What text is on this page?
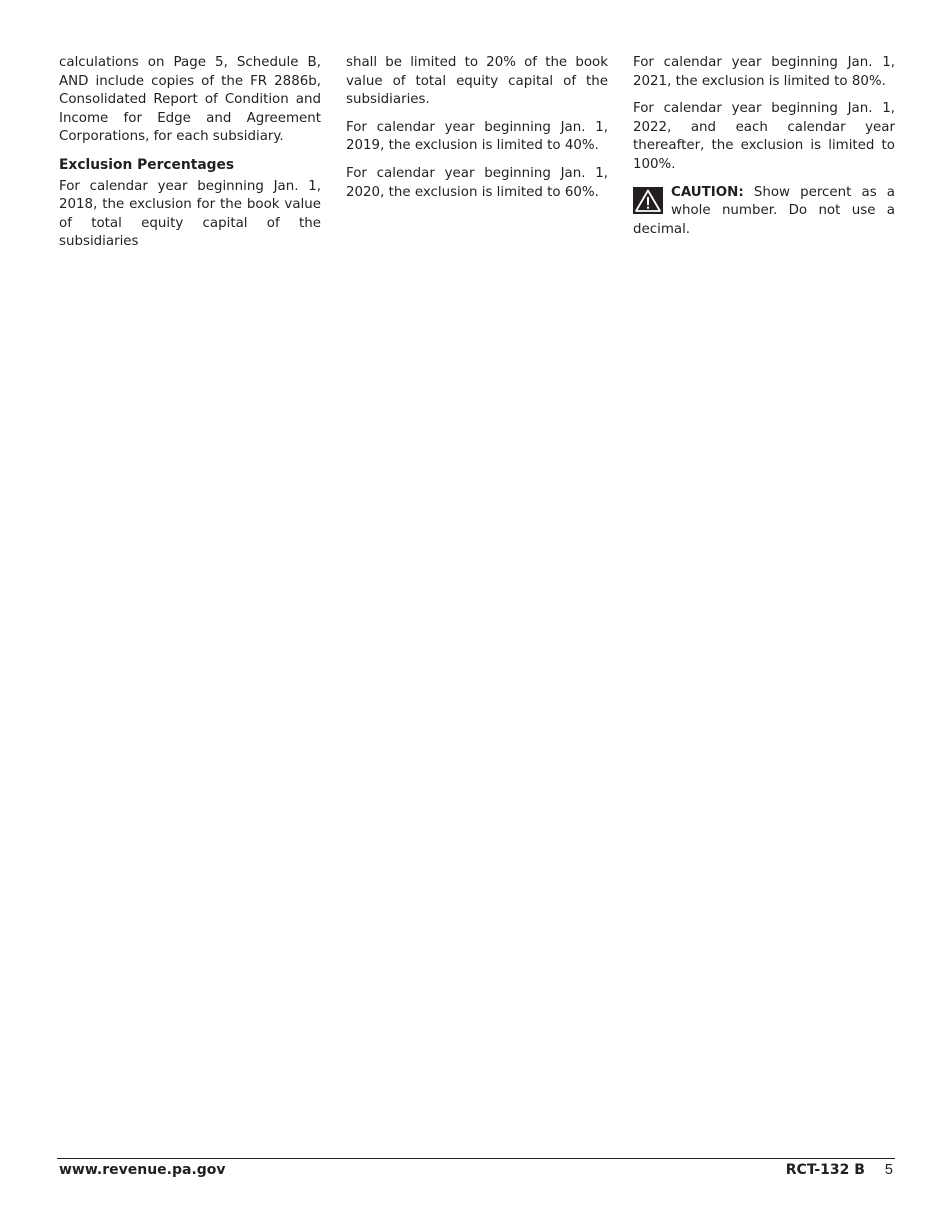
calculations on Page 5, Schedule B, AND include copies of the FR 2886b, Consolidated Report of Condition and Income for Edge and Agreement Corporations, for each subsidiary.

Exclusion Percentages

For calendar year beginning Jan. 1, 2018, the exclusion for the book value of total equity capital of the subsidiaries

shall be limited to 20% of the book value of total equity capital of the subsidiaries.

For calendar year beginning Jan. 1, 2019, the exclusion is limited to 40%.

For calendar year beginning Jan. 1, 2020, the exclusion is limited to 60%.

For calendar year beginning Jan. 1, 2021, the exclusion is limited to 80%.

For calendar year beginning Jan. 1, 2022, and each calendar year thereafter, the exclusion is limited to 100%.

CAUTION: Show percent as a whole number. Do not use a decimal.

www.revenue.pa.gov	RCT-132 B 5
